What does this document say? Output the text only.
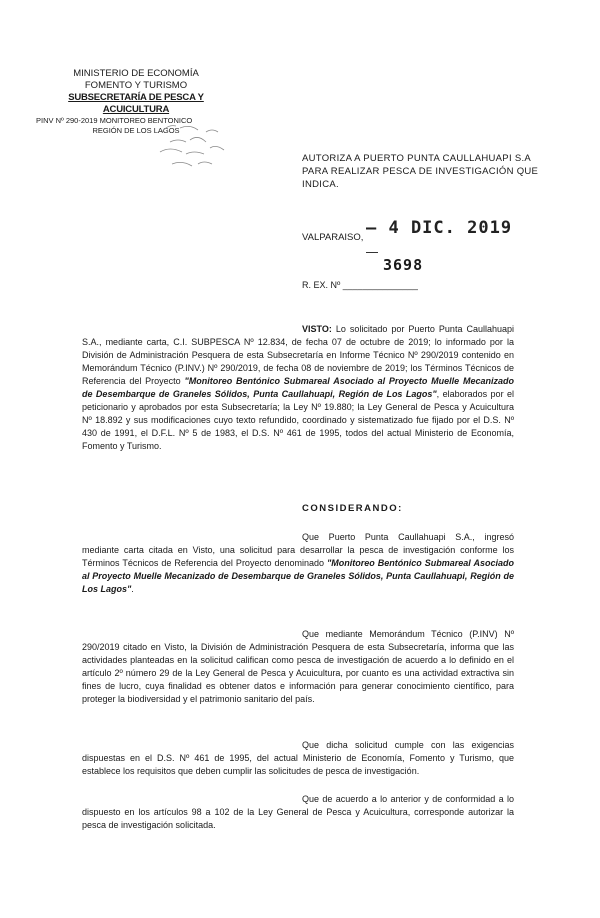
MINISTERIO DE ECONOMÍA
FOMENTO Y TURISMO
SUBSECRETARÍA DE PESCA Y ACUICULTURA
PINV Nº 290-2019 MONITOREO BENTONICO
REGIÓN DE LOS LAGOS
AUTORIZA A PUERTO PUNTA CAULLAHUAPI S.A
PARA REALIZAR PESCA DE INVESTIGACIÓN QUE
INDICA.
– 4 DIC. 2019
VALPARAISO,
3698
R. EX. Nº _______________

VISTO: Lo solicitado por Puerto Punta Caullahuapi S.A., mediante carta, C.I. SUBPESCA Nº 12.834, de fecha 07 de octubre de 2019; lo informado por la División de Administración Pesquera de esta Subsecretaría en Informe Técnico Nº 290/2019 contenido en Memorándum Técnico (P.INV.) Nº 290/2019, de fecha 08 de noviembre de 2019; los Términos Técnicos de Referencia del Proyecto "Monitoreo Bentónico Submareal Asociado al Proyecto Muelle Mecanizado de Desembarque de Graneles Sólidos, Punta Caullahuapi, Región de Los Lagos", elaborados por el peticionario y aprobados por esta Subsecretaría; la Ley Nº 19.880; la Ley General de Pesca y Acuicultura Nº 18.892 y sus modificaciones cuyo texto refundido, coordinado y sistematizado fue fijado por el D.S. Nº 430 de 1991, el D.F.L. Nº 5 de 1983, el D.S. Nº 461 de 1995, todos del actual Ministerio de Economía, Fomento y Turismo.

CONSIDERANDO:

Que Puerto Punta Caullahuapi S.A., ingresó mediante carta citada en Visto, una solicitud para desarrollar la pesca de investigación conforme los Términos Técnicos de Referencia del Proyecto denominado "Monitoreo Bentónico Submareal Asociado al Proyecto Muelle Mecanizado de Desembarque de Graneles Sólidos, Punta Caullahuapi, Región de Los Lagos".

Que mediante Memorándum Técnico (P.INV) Nº 290/2019 citado en Visto, la División de Administración Pesquera de esta Subsecretaría, informa que las actividades planteadas en la solicitud califican como pesca de investigación de acuerdo a lo definido en el artículo 2º número 29 de la Ley General de Pesca y Acuicultura, por cuanto es una actividad extractiva sin fines de lucro, cuya finalidad es obtener datos e información para generar conocimiento científico, para proteger la biodiversidad y el patrimonio sanitario del país.

Que dicha solicitud cumple con las exigencias dispuestas en el D.S. Nº 461 de 1995, del actual Ministerio de Economía, Fomento y Turismo, que establece los requisitos que deben cumplir las solicitudes de pesca de investigación.

Que de acuerdo a lo anterior y de conformidad a lo dispuesto en los artículos 98 a 102 de la Ley General de Pesca y Acuicultura, corresponde autorizar la pesca de investigación solicitada.
